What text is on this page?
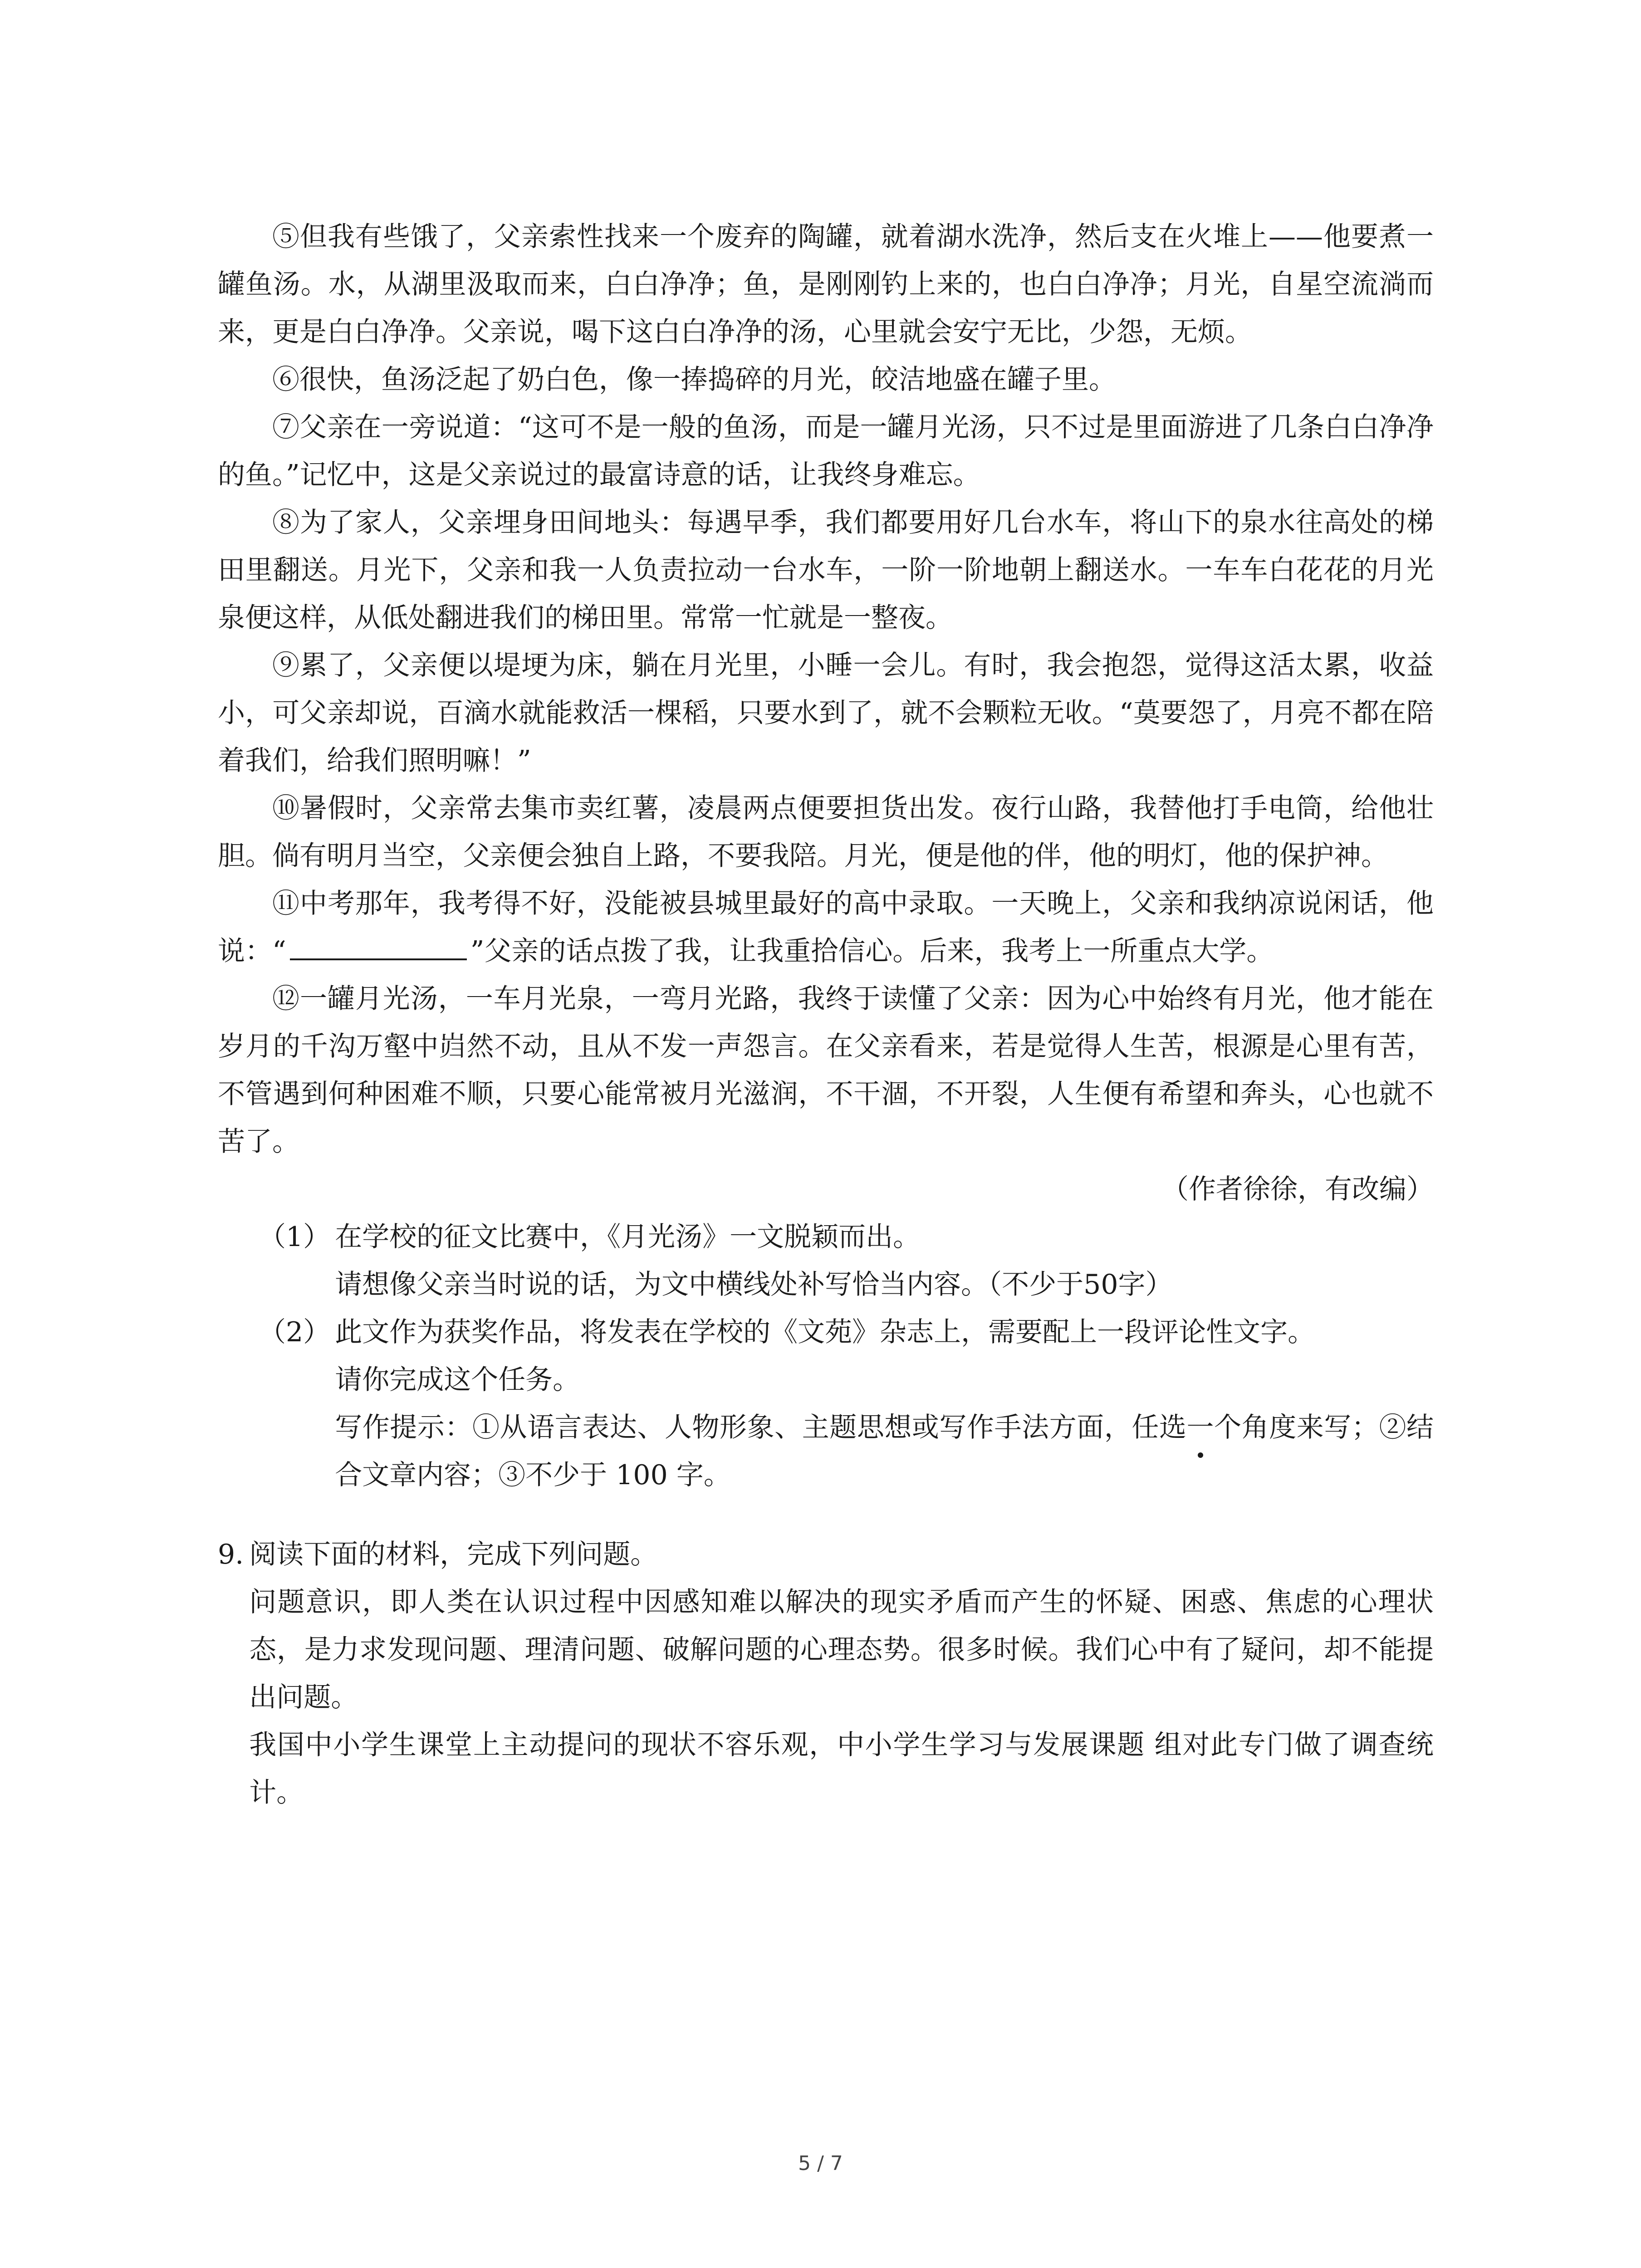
⑤但我有些饿了，父亲索性找来一个废弃的陶罐，就着湖水洗净，然后支在火堆上——他要煮一罐鱼汤。水，从湖里汲取而来，白白净净；鱼，是刚刚钓上来的，也白白净净；月光，自星空流淌而来，更是白白净净。父亲说，喝下这白白净净的汤，心里就会安宁无比，少怨，无烦。

⑥很快，鱼汤泛起了奶白色，像一捧捣碎的月光，皎洁地盛在罐子里。

⑦父亲在一旁说道：“这可不是一般的鱼汤，而是一罐月光汤，只不过是里面游进了几条白白净净的鱼。”记忆中，这是父亲说过的最富诗意的话，让我终身难忘。

⑧为了家人，父亲埋身田间地头：每遇早季，我们都要用好几台水车，将山下的泉水往高处的梯田里翻送。月光下，父亲和我一人负责拉动一台水车，一阶一阶地朝上翻送水。一车车白花花的月光泉便这样，从低处翻进我们的梯田里。常常一忙就是一整夜。

⑨累了，父亲便以堤埂为床，躺在月光里，小睡一会儿。有时，我会抱怨，觉得这活太累，收益小，可父亲却说，百滴水就能救活一棵稻，只要水到了，就不会颗粒无收。“莫要怨了，月亮不都在陪着我们，给我们照明嘛！”

⑩暑假时，父亲常去集市卖红薯，凌晨两点便要担货出发。夜行山路，我替他打手电筒，给他壮胆。倘有明月当空，父亲便会独自上路，不要我陪。月光，便是他的伴，他的明灯，他的保护神。

⑪中考那年，我考得不好，没能被县城里最好的高中录取。一天晚上，父亲和我纳凉说闲话，他说：“	”父亲的话点拨了我，让我重拾信心。后来，我考上一所重点大学。

⑫一罐月光汤，一车月光泉，一弯月光路，我终于读懂了父亲：因为心中始终有月光，他才能在岁月的千沟万壑中岿然不动，且从不发一声怨言。在父亲看来，若是觉得人生苦，根源是心里有苦，不管遇到何种困难不顺，只要心能常被月光滋润，不干涸，不开裂，人生便有希望和奔头，心也就不苦了。

（作者徐徐，有改编）

（1） 在学校的征文比赛中，《月光汤》一文脱颖而出。

请想像父亲当时说的话，为文中横线处补写恰当内容。（不少于50字）

（2） 此文作为获奖作品，将发表在学校的《文苑》杂志上，需要配上一段评论性文字。

请你完成这个任务。

写作提示：①从语言表达、人物形象、主题思想或写作手法方面，任选一个角度来写；②结合文章内容；③不少于 100 字。

9. 阅读下面的材料，完成下列问题。

问题意识，即人类在认识过程中因感知难以解决的现实矛盾而产生的怀疑、困惑、焦虑的心理状态，是力求发现问题、理清问题、破解问题的心理态势。很多时候。我们心中有了疑问，却不能提出问题。

我国中小学生课堂上主动提问的现状不容乐观，中小学生学习与发展课题 组对此专门做了调查统计。

5 / 7
